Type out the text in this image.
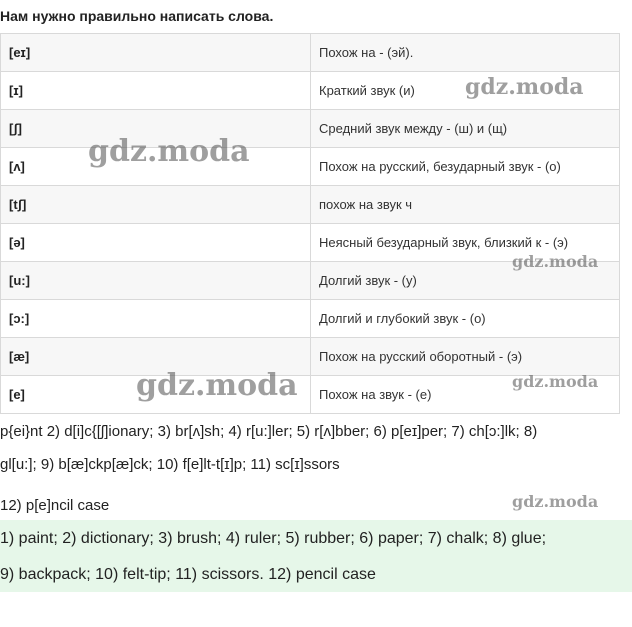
Нам нужно правильно написать слова.
[eɪ]	Похож на - (эй).
[ɪ]	Краткий звук (и)
[ʃ]	Средний звук между - (ш) и (щ)
[ʌ]	Похож на русский, безударный звук - (о)
[tʃ]	похож на звук ч
[ə]	Неясный безударный звук, близкий к - (э)
[u:]	Долгий звук - (у)
[ɔ:]	Долгий и глубокий звук - (о)
[æ]	Похож на русский оборотный - (э)
[e]	Похож на звук - (е)
p{ei}nt 2) d[i]c{[ʃ]ionary; 3) br[ʌ]sh; 4) r[u:]ler; 5) r[ʌ]bber; 6) p[eɪ]per; 7) ch[ɔ:]lk; 8)
gl[u:]; 9) b[æ]ckp[æ]ck; 10) f[e]lt-t[ɪ]p; 11) sc[ɪ]ssors
12) p[e]ncil case
1) paint; 2) dictionary; 3) brush; 4) ruler; 5) rubber; 6) paper; 7) chalk; 8) glue;
9) backpack; 10) felt-tip; 11) scissors. 12) pencil case
gdz.moda
gdz.moda
gdz.moda
gdz.moda
gdz.moda
gdz.moda
